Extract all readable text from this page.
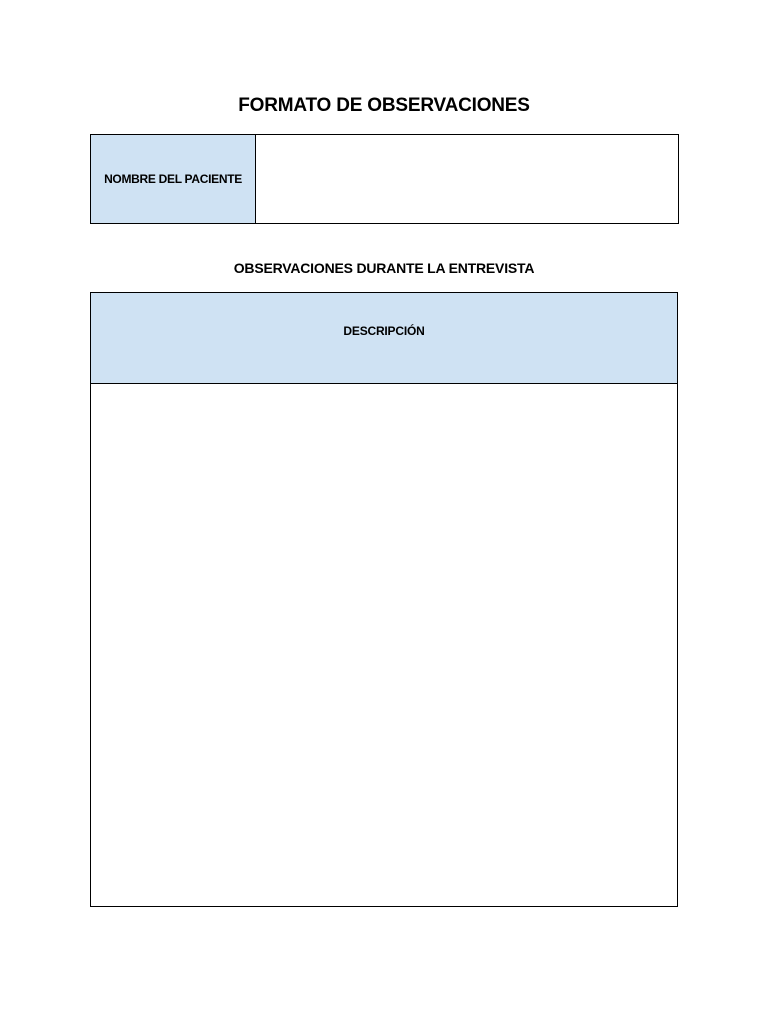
FORMATO DE OBSERVACIONES
NOMBRE DEL PACIENTE
OBSERVACIONES DURANTE LA ENTREVISTA
DESCRIPCIÓN
